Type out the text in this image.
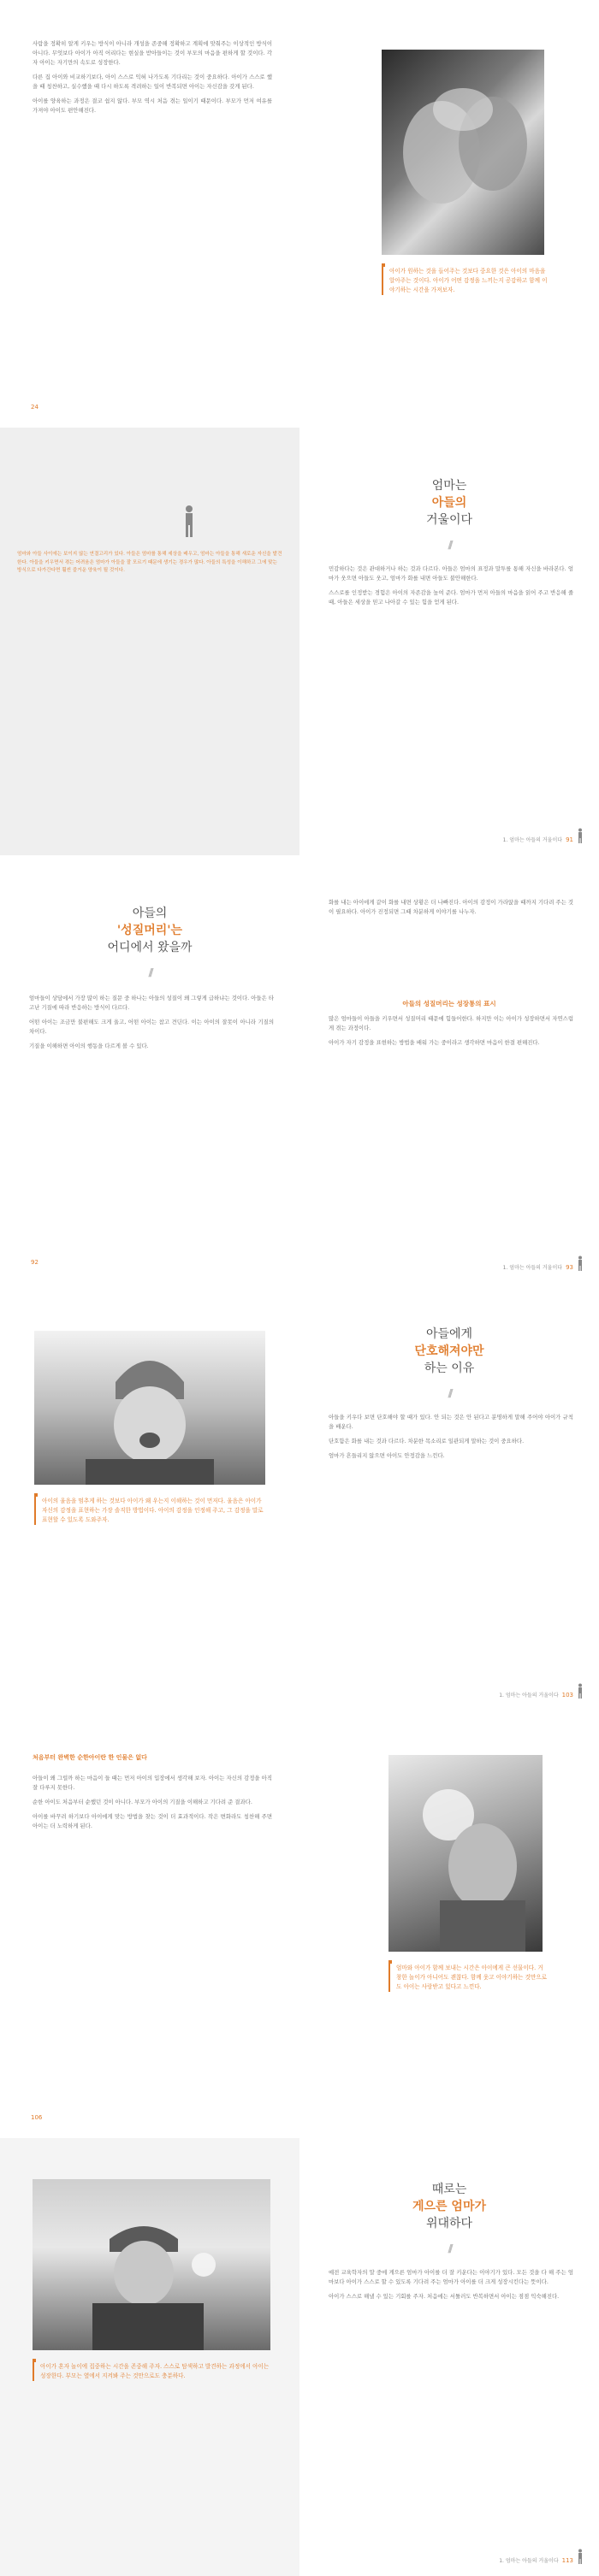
사람을 정확히 알게 키우는 방식이 아니라 개성을 존중해 정확하고 계획에 맞춰주는 이상적인 방식이 아니다. 무엇보다 아이가 아직 어리다는 현실을 받아들이는 것이 부모의 마음을 편하게 할 것이다. 각자 아이는 자기만의 속도로 성장한다.

다른 집 아이와 비교하기보다, 아이 스스로 익혀 나가도록 기다리는 것이 중요하다. 아이가 스스로 했을 때 칭찬하고, 실수했을 때 다시 하도록 격려하는 일이 반복되면 아이는 자신감을 갖게 된다.

아이를 양육하는 과정은 결코 쉽지 않다. 부모 역시 처음 겪는 일이기 때문이다. 부모가 먼저 여유를 가져야 아이도 편안해진다.

24
아이가 원하는 것을 들어주는 것보다 중요한 것은 아이의 마음을 알아주는 것이다. 아이가 어떤 감정을 느끼는지 공감하고 함께 이야기하는 시간을 가져보자.
엄마와 아들 사이에는 보이지 않는 연결고리가 있다. 아들은 엄마를 통해 세상을 배우고, 엄마는 아들을 통해 새로운 자신을 발견한다. 아들을 키우면서 겪는 어려움은 엄마가 아들을 잘 모르기 때문에 생기는 경우가 많다. 아들의 특성을 이해하고 그에 맞는 방식으로 다가간다면 훨씬 즐거운 양육이 될 것이다.
엄마는
아들의
거울이다
///

민감하다는 것은 관대하거나 하는 것과 다르다. 아들은 엄마의 표정과 말투를 통해 자신을 바라본다. 엄마가 웃으면 아들도 웃고, 엄마가 화를 내면 아들도 불안해한다.

스스로를 인정받는 경험은 아이의 자존감을 높여 준다. 엄마가 먼저 아들의 마음을 읽어 주고 반응해 줄 때, 아들은 세상을 믿고 나아갈 수 있는 힘을 얻게 된다.

1. 엄마는 아들의 거울이다 91
아들의
'성질머리'는
어디에서 왔을까
///

엄마들이 상담에서 가장 많이 하는 질문 중 하나는 아들의 성질이 왜 그렇게 급하냐는 것이다. 아들은 타고난 기질에 따라 반응하는 방식이 다르다.

어떤 아이는 조금만 불편해도 크게 울고, 어떤 아이는 참고 견딘다. 이는 아이의 잘못이 아니라 기질의 차이다.

기질을 이해하면 아이의 행동을 다르게 볼 수 있다.

92

화를 내는 아이에게 같이 화를 내면 상황은 더 나빠진다. 아이의 감정이 가라앉을 때까지 기다려 주는 것이 필요하다. 아이가 진정되면 그때 차분하게 이야기를 나누자.

아들의 성질머리는 성장통의 표시

많은 엄마들이 아들을 키우면서 성질머리 때문에 힘들어한다. 하지만 이는 아이가 성장하면서 자연스럽게 겪는 과정이다.

아이가 자기 감정을 표현하는 방법을 배워 가는 중이라고 생각하면 마음이 한결 편해진다.

1. 엄마는 아들의 거울이다 93
아이의 울음을 멈추게 하는 것보다 아이가 왜 우는지 이해하는 것이 먼저다. 울음은 아이가 자신의 감정을 표현하는 가장 솔직한 방법이다. 아이의 감정을 인정해 주고, 그 감정을 말로 표현할 수 있도록 도와주자.
아들에게
단호해져야만
하는 이유
///

아들을 키우다 보면 단호해야 할 때가 있다. 안 되는 것은 안 된다고 분명하게 말해 주어야 아이가 규칙을 배운다.

단호함은 화를 내는 것과 다르다. 차분한 목소리로 일관되게 말하는 것이 중요하다.

엄마가 흔들리지 않으면 아이도 안정감을 느낀다.

1. 엄마는 아들의 거울이다 103
처음부터 완벽한 순한아이란 한 인물은 없다

아들이 왜 그럴까 하는 마음이 들 때는 먼저 아이의 입장에서 생각해 보자. 아이는 자신의 감정을 아직 잘 다루지 못한다.

순한 아이도 처음부터 순했던 것이 아니다. 부모가 아이의 기질을 이해하고 기다려 준 결과다.

아이를 바꾸려 하기보다 아이에게 맞는 방법을 찾는 것이 더 효과적이다. 작은 변화라도 칭찬해 주면 아이는 더 노력하게 된다.

106
엄마와 아이가 함께 보내는 시간은 아이에게 큰 선물이다. 거창한 놀이가 아니어도 괜찮다. 함께 웃고 이야기하는 것만으로도 아이는 사랑받고 있다고 느낀다.
아이가 혼자 놀이에 집중하는 시간을 존중해 주자. 스스로 탐색하고 발견하는 과정에서 아이는 성장한다. 부모는 옆에서 지켜봐 주는 것만으로도 충분하다.
때로는
게으른 엄마가
위대하다
///

예전 교육학자의 말 중에 게으른 엄마가 아이를 더 잘 키운다는 이야기가 있다. 모든 것을 다 해 주는 엄마보다 아이가 스스로 할 수 있도록 기다려 주는 엄마가 아이를 더 크게 성장시킨다는 뜻이다.

아이가 스스로 해낼 수 있는 기회를 주자. 처음에는 서툴러도 반복하면서 아이는 점점 익숙해진다.

1. 엄마는 아들의 거울이다 113
